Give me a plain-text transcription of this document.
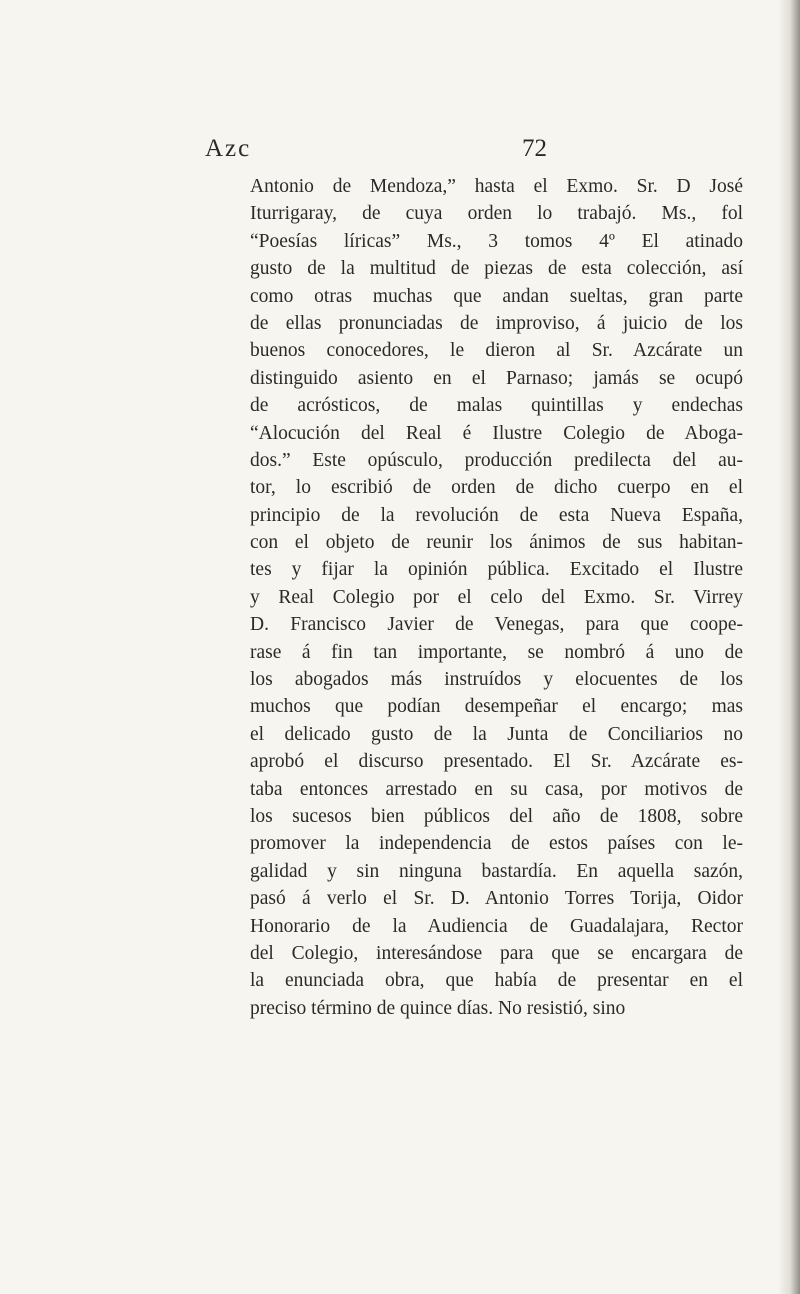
Azc	72
Antonio de Mendoza,” hasta el Exmo. Sr. D José
Iturrigaray, de cuya orden lo trabajó. Ms., fol
“Poesías líricas” Ms., 3 tomos 4º El atinado
gusto de la multitud de piezas de esta colección, así
como otras muchas que andan sueltas, gran parte
de ellas pronunciadas de improviso, á juicio de los
buenos conocedores, le dieron al Sr. Azcárate un
distinguido asiento en el Parnaso; jamás se ocupó
de acrósticos, de malas quintillas y endechas
“Alocución del Real é Ilustre Colegio de Aboga-
dos.” Este opúsculo, producción predilecta del au-
tor, lo escribió de orden de dicho cuerpo en el
principio de la revolución de esta Nueva España,
con el objeto de reunir los ánimos de sus habitan-
tes y fijar la opinión pública. Excitado el Ilustre
y Real Colegio por el celo del Exmo. Sr. Virrey
D. Francisco Javier de Venegas, para que coope-
rase á fin tan importante, se nombró á uno de
los abogados más instruídos y elocuentes de los
muchos que podían desempeñar el encargo; mas
el delicado gusto de la Junta de Conciliarios no
aprobó el discurso presentado. El Sr. Azcárate es-
taba entonces arrestado en su casa, por motivos de
los sucesos bien públicos del año de 1808, sobre
promover la independencia de estos países con le-
galidad y sin ninguna bastardía. En aquella sazón,
pasó á verlo el Sr. D. Antonio Torres Torija, Oidor
Honorario de la Audiencia de Guadalajara, Rector
del Colegio, interesándose para que se encargara de
la enunciada obra, que había de presentar en el
preciso término de quince días. No resistió, sino
